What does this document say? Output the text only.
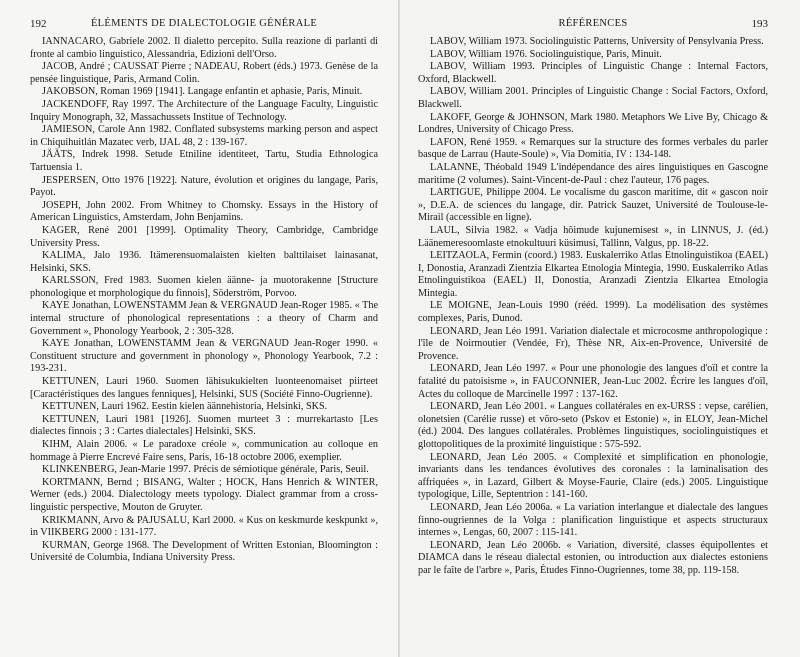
192	ÉLÉMENTS DE DIALECTOLOGIE GÉNÉRALE

IANNACARO, Gabriele 2002. Il dialetto percepito. Sulla reazione di parlanti di fronte al cambio linguistico, Alessandria, Edizioni dell'Orso.

JACOB, André ; CAUSSAT Pierre ; NADEAU, Robert (éds.) 1973. Genèse de la pensée linguistique, Paris, Armand Colin.

JAKOBSON, Roman 1969 [1941]. Langage enfantin et aphasie, Paris, Minuit.

JACKENDOFF, Ray 1997. The Architecture of the Language Faculty, Linguistic Inquiry Monograph, 32, Massachussets Institue of Technology.

JAMIESON, Carole Ann 1982. Conflated subsystems marking person and aspect in Chiquihuitlán Mazatec verb, IJAL 48, 2 : 139-167.

JÄÄTS, Indrek 1998. Setude Etniline identiteet, Tartu, Studia Ethnologica Tartuensia 1.

JESPERSEN, Otto 1976 [1922]. Nature, évolution et origines du langage, Paris, Payot.

JOSEPH, John 2002. From Whitney to Chomsky. Essays in the History of American Linguistics, Amsterdam, John Benjamins.

KAGER, René 2001 [1999]. Optimality Theory, Cambridge, Cambridge University Press.

KALIMA, Jalo 1936. Itämerensuomalaisten kielten balttilaiset lainasanat, Helsinki, SKS.

KARLSSON, Fred 1983. Suomen kielen äänne- ja muotorakenne [Structure phonologique et morphologique du finnois], Söderström, Porvoo.

KAYE Jonathan, LOWENSTAMM Jean & VERGNAUD Jean-Roger 1985. « The internal structure of phonological representations : a theory of Charm and Government », Phonology Yearbook, 2 : 305-328.

KAYE Jonathan, LOWENSTAMM Jean & VERGNAUD Jean-Roger 1990. « Constituent structure and government in phonology », Phonology Yearbook, 7.2 : 193-231.

KETTUNEN, Lauri 1960. Suomen lähisukukielten luonteenomaiset piirteet [Caractéristiques des langues fenniques], Helsinki, SUS (Société Finno-Ougrienne).

KETTUNEN, Lauri 1962. Eestin kielen äännehistoria, Helsinki, SKS.

KETTUNEN, Lauri 1981 [1926]. Suomen murteet 3 : murrekartasto [Les dialectes finnois ; 3 : Cartes dialectales] Helsinki, SKS.

KIHM, Alain 2006. « Le paradoxe créole », communication au colloque en hommage à Pierre Encrevé Faire sens, Paris, 16-18 octobre 2006, exemplier.

KLINKENBERG, Jean-Marie 1997. Précis de sémiotique générale, Paris, Seuil.

KORTMANN, Bernd ; BISANG, Walter ; HOCK, Hans Henrich & WINTER, Werner (eds.) 2004. Dialectology meets typology. Dialect grammar from a cross-linguistic perspective, Mouton de Gruyter.

KRIKMANN, Arvo & PAJUSALU, Karl 2000. « Kus on keskmurde keskpunkt », in VIIKBERG 2000 : 131-177.

KURMAN, George 1968. The Development of Written Estonian, Bloomington : Université de Columbia, Indiana University Press.

RÉFÉRENCES	193

LABOV, William 1973. Sociolinguistic Patterns, University of Pensylvania Press.

LABOV, William 1976. Sociolinguistique, Paris, Minuit.

LABOV, William 1993. Principles of Linguistic Change : Internal Factors, Oxford, Blackwell.

LABOV, William 2001. Principles of Linguistic Change : Social Factors, Oxford, Blackwell.

LAKOFF, George & JOHNSON, Mark 1980. Metaphors We Live By, Chicago & Londres, University of Chicago Press.

LAFON, René 1959. « Remarques sur la structure des formes verbales du parler basque de Larrau (Haute-Soule) », Via Domitia, IV : 134-148.

LALANNE, Théobald 1949 L'indépendance des aires linguistiques en Gascogne maritime (2 volumes). Saint-Vincent-de-Paul : chez l'auteur, 176 pages.

LARTIGUE, Philippe 2004. Le vocalisme du gascon maritime, dit « gascon noir », D.E.A. de sciences du langage, dir. Patrick Sauzet, Université de Toulouse-le-Mirail (accessible en ligne).

LAUL, Silvia 1982. « Vadja hõimude kujunemisest », in LINNUS, J. (éd.) Läänemeresoomlaste etnokultuuri küsimusi, Tallinn, Valgus, pp. 18-22.

LEITZAOLA, Fermin (coord.) 1983. Euskalerriko Atlas Etnolinguistikoa (EAEL) I, Donostia, Aranzadi Zientzia Elkartea Etnologia Mintegia, 1990. Euskalerriko Atlas Etnolinguistikoa (EAEL) II, Donostia, Aranzadi Zientzia Elkartea Etnologia Mintegia.

LE MOIGNE, Jean-Louis 1990 (rééd. 1999). La modélisation des systèmes complexes, Paris, Dunod.

LEONARD, Jean Léo 1991. Variation dialectale et microcosme anthropologique : l'île de Noirmoutier (Vendée, Fr), Thèse NR, Aix-en-Provence, Université de Provence.

LEONARD, Jean Léo 1997. « Pour une phonologie des langues d'oïl et contre la fatalité du patoisisme », in FAUCONNIER, Jean-Luc 2002. Écrire les langues d'oïl, Actes du colloque de Marcinelle 1997 : 137-162.

LEONARD, Jean Léo 2001. « Langues collatérales en ex-URSS : vepse, carélien, olonetsien (Carélie russe) et võro-seto (Pskov et Estonie) », in ELOY, Jean-Michel (éd.) 2004. Des langues collatérales. Problèmes linguistiques, sociolinguistiques et glottopolitiques de la proximité linguistique : 575-592.

LEONARD, Jean Léo 2005. « Complexité et simplification en phonologie, invariants dans les tendances évolutives des coronales : la laminalisation des affriquées », in Lazard, Gilbert & Moyse-Faurie, Claire (eds.) 2005. Linguistique typologique, Lille, Septentrion : 141-160.

LEONARD, Jean Léo 2006a. « La variation interlangue et dialectale des langues finno-ougriennes de la Volga : planification linguistique et aspects structuraux internes », Lengas, 60, 2007 : 115-141.

LEONARD, Jean Léo 2006b. « Variation, diversité, classes équipollentes et DIAMCA dans le réseau dialectal estonien, ou introduction aux dialectes estoniens par le faîte de l'arbre », Paris, Études Finno-Ougriennes, tome 38, pp. 119-158.
